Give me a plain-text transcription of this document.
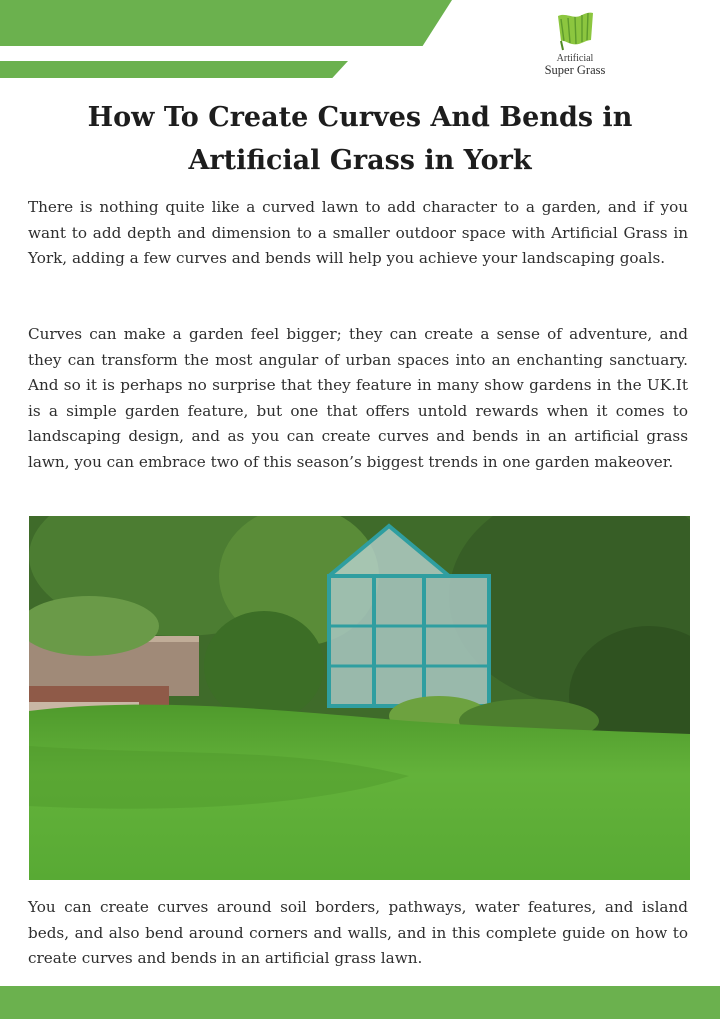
Artificial
Super Grass
How To Create Curves And Bends in Artificial Grass in York

There is nothing quite like a curved lawn to add character to a garden, and if you want to add depth and dimension to a smaller outdoor space with Artificial Grass in York, adding a few curves and bends will help you achieve your landscaping goals.

Curves can make a garden feel bigger; they can create a sense of adventure, and they can transform the most angular of urban spaces into an enchanting sanctuary. And so it is perhaps no surprise that they feature in many show gardens in the UK.It is a simple garden feature, but one that offers untold rewards when it comes to landscaping design, and as you can create curves and bends in an artificial grass lawn, you can embrace two of this season’s biggest trends in one garden makeover.

You can create curves around soil borders, pathways, water features, and island beds, and also bend around corners and walls, and in this complete guide on how to create curves and bends in an artificial grass lawn.
